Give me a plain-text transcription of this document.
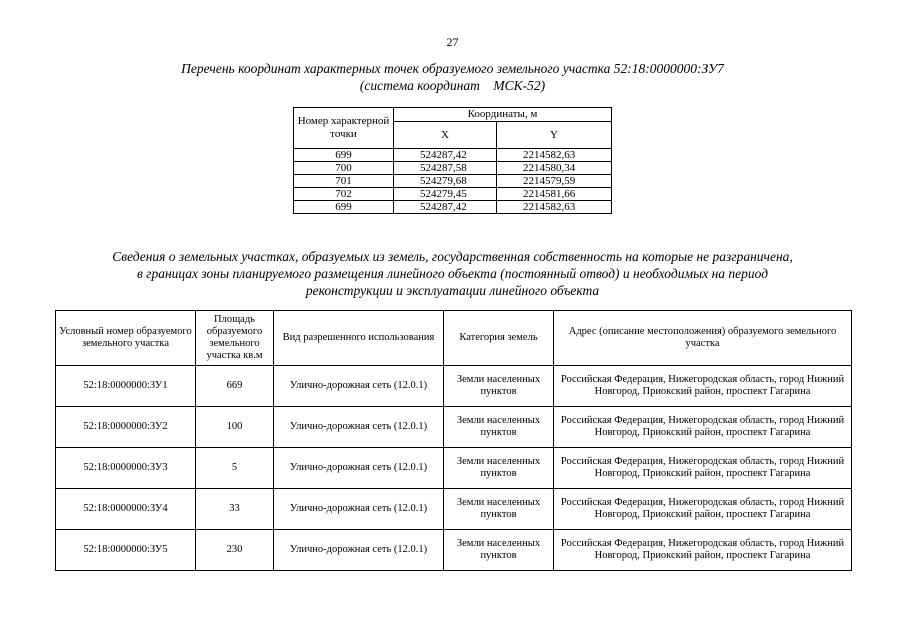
27
Перечень координат характерных точек образуемого земельного участка 52:18:0000000:ЗУ7
(система координат    МСК-52)
Номер характерной точки	Координаты, м	
	X	Y
699	524287,42	2214582,63
700	524287,58	2214580,34
701	524279,68	2214579,59
702	524279,45	2214581,66
699	524287,42	2214582,63
Сведения о земельных участках, образуемых из земель, государственная собственность на которые не разграничена,
в границах зоны планируемого размещения линейного объекта (постоянный отвод) и необходимых на период
реконструкции и эксплуатации линейного объекта
Условный номер образуемого земельного участка	Площадь образуемого земельного участка кв.м	Вид разрешенного использования	Категория земель	Адрес (описание местоположения) образуемого земельного участка
52:18:0000000:ЗУ1	669	Улично-дорожная сеть (12.0.1)	Земли населенных пунктов	Российская Федерация, Нижегородская область, город Нижний Новгород, Приокский район, проспект Гагарина
52:18:0000000:ЗУ2	100	Улично-дорожная сеть (12.0.1)	Земли населенных пунктов	Российская Федерация, Нижегородская область, город Нижний Новгород, Приокский район, проспект Гагарина
52:18:0000000:ЗУ3	5	Улично-дорожная сеть (12.0.1)	Земли населенных пунктов	Российская Федерация, Нижегородская область, город Нижний Новгород, Приокский район, проспект Гагарина
52:18:0000000:ЗУ4	33	Улично-дорожная сеть (12.0.1)	Земли населенных пунктов	Российская Федерация, Нижегородская область, город Нижний Новгород, Приокский район, проспект Гагарина
52:18:0000000:ЗУ5	230	Улично-дорожная сеть (12.0.1)	Земли населенных пунктов	Российская Федерация, Нижегородская область, город Нижний Новгород, Приокский район, проспект Гагарина
